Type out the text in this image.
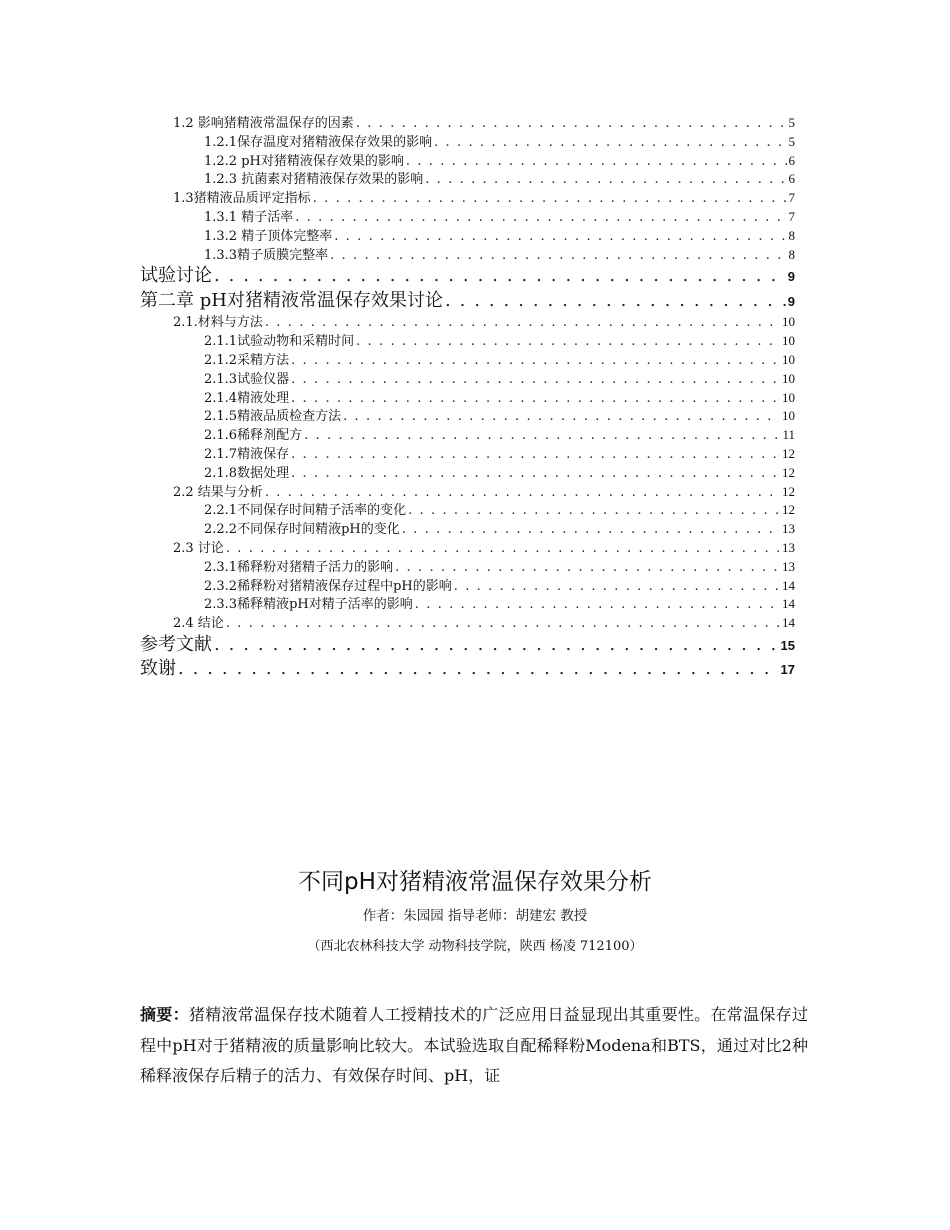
1.2 影响猪精液常温保存的因素 . . .	5
1.2.1保存温度对猪精液保存效果的影响 . . .	5
1.2.2 pH对猪精液保存效果的影响 . . .	6
1.2.3 抗菌素对猪精液保存效果的影响 . . .	6
1.3猪精液品质评定指标 . . .	7
1.3.1 精子活率 . . .	7
1.3.2 精子顶体完整率 . . .	8
1.3.3精子质膜完整率 . . .	8
试验讨论 . . .	9
第二章 pH对猪精液常温保存效果讨论 . . .	9
2.1.材料与方法 . . .	10
2.1.1试验动物和采精时间 . . .	10
2.1.2采精方法 . . .	10
2.1.3试验仪器 . . .	10
2.1.4精液处理 . . .	10
2.1.5精液品质检查方法 . . .	10
2.1.6稀释剂配方 . . .	11
2.1.7精液保存 . . .	12
2.1.8数据处理 . . .	12
2.2 结果与分析 . . .	12
2.2.1不同保存时间精子活率的变化 . . .	12
2.2.2不同保存时间精液pH的变化 . . .	13
2.3 讨论 . . .	13
2.3.1稀释粉对猪精子活力的影响 . . .	13
2.3.2稀释粉对猪精液保存过程中pH的影响 . . .	14
2.3.3稀释精液pH对精子活率的影响 . . .	14
2.4 结论 . . .	14
参考文献 . . .	15
致谢 . . .	17
不同pH对猪精液常温保存效果分析
作者：朱园园 指导老师：胡建宏 教授
（西北农林科技大学 动物科技学院，陕西 杨凌 712100）
摘要：猪精液常温保存技术随着人工授精技术的广泛应用日益显现出其重要性。在常温保存过程中pH对于猪精液的质量影响比较大。本试验选取自配稀释粉Modena和BTS，通过对比2种稀释液保存后精子的活力、有效保存时间、pH，证
